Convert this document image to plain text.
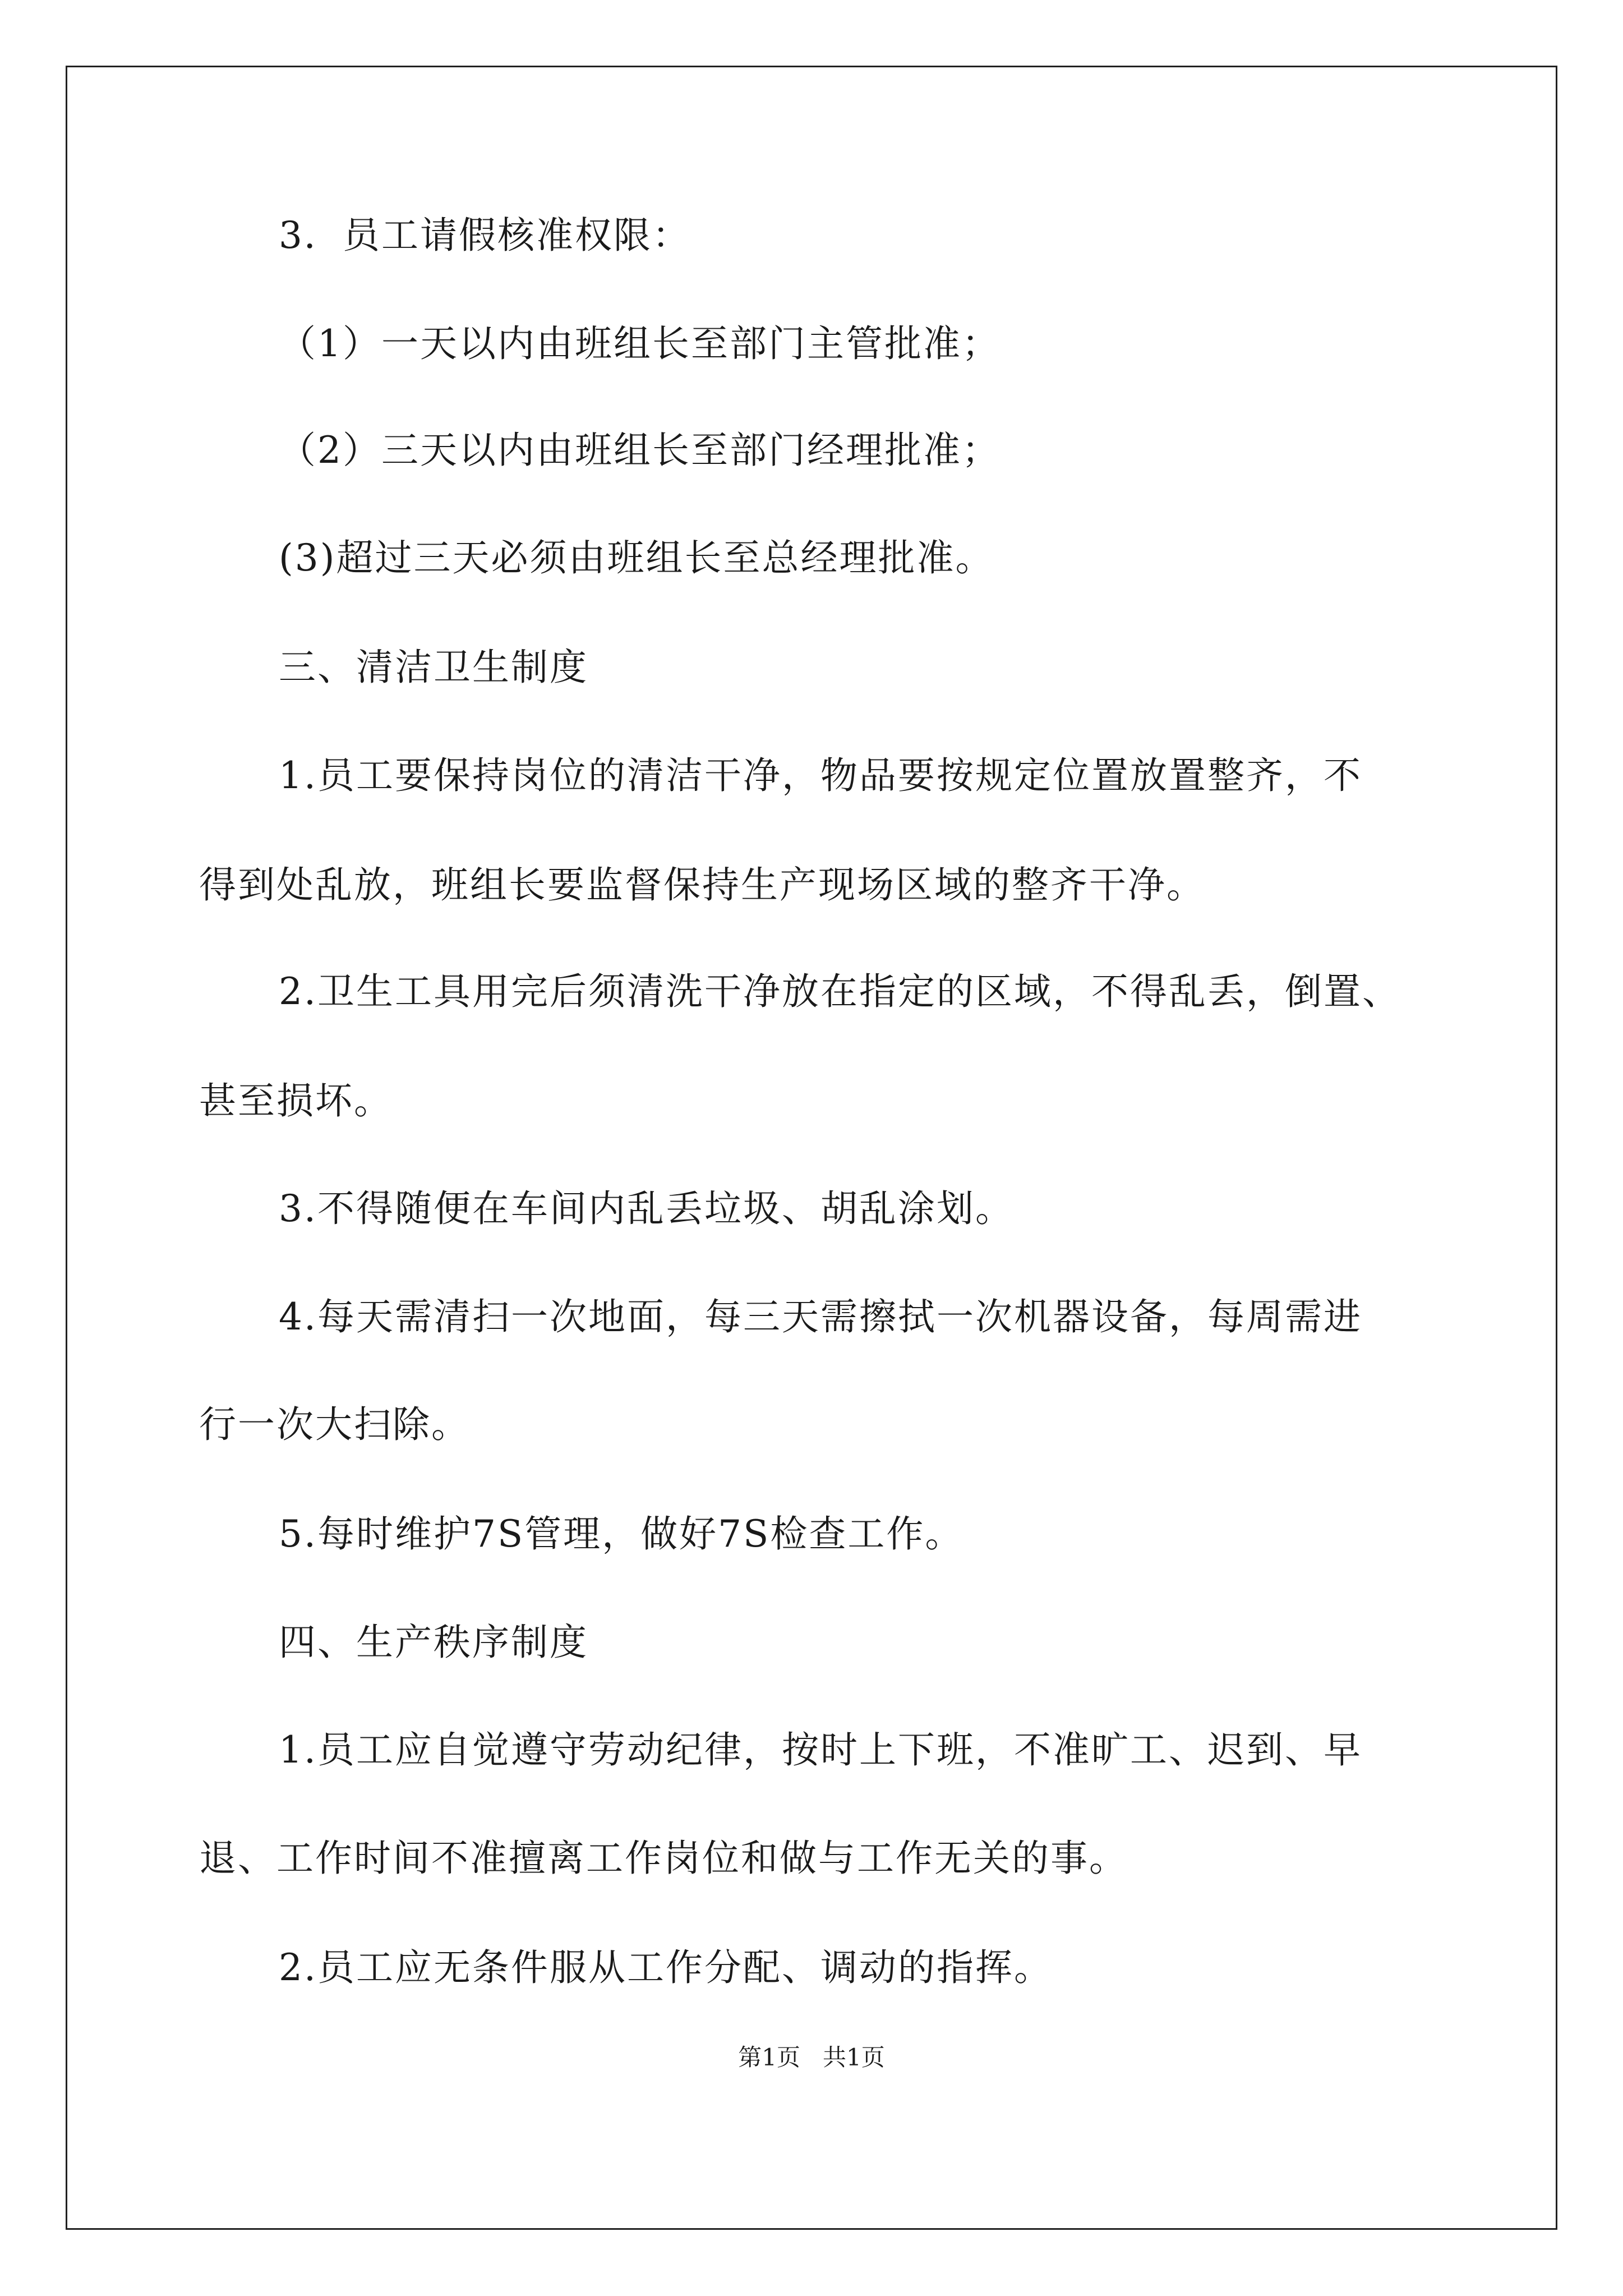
3．员工请假核准权限：
（1）一天以内由班组长至部门主管批准；
（2）三天以内由班组长至部门经理批准；
(3)超过三天必须由班组长至总经理批准。
三、清洁卫生制度
1.员工要保持岗位的清洁干净，物品要按规定位置放置整齐，不
得到处乱放，班组长要监督保持生产现场区域的整齐干净。
2.卫生工具用完后须清洗干净放在指定的区域，不得乱丢，倒置、
甚至损坏。
3.不得随便在车间内乱丢垃圾、胡乱涂划。
4.每天需清扫一次地面，每三天需擦拭一次机器设备，每周需进
行一次大扫除。
5.每时维护7S管理，做好7S检查工作。
四、生产秩序制度
1.员工应自觉遵守劳动纪律，按时上下班，不准旷工、迟到、早
退、工作时间不准擅离工作岗位和做与工作无关的事。
2.员工应无条件服从工作分配、调动的指挥。
第1页   共1页
